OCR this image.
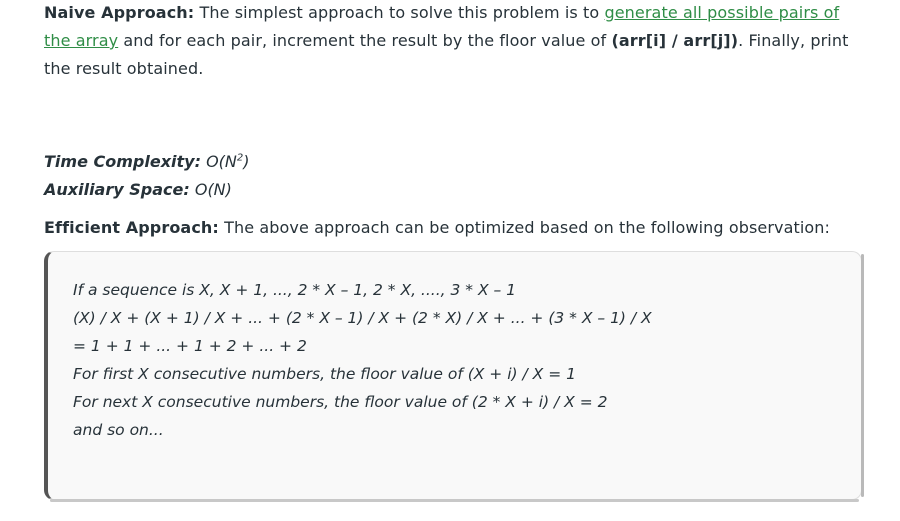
Naive Approach: The simplest approach to solve this problem is to generate all possible pairs of the array and for each pair, increment the result by the floor value of (arr[i] / arr[j]). Finally, print the result obtained.

Time Complexity: $O(N^2)$
Auxiliary Space: O(N)

Efficient Approach: The above approach can be optimized based on the following observation:

If a sequence is X, X + 1, ..., 2 * X – 1, 2 * X, ...., 3 * X – 1
(X) / X + (X + 1) / X + ... + (2 * X – 1) / X + (2 * X) / X + ... + (3 * X – 1) / X
= 1 + 1 + ... + 1 + 2 + ... + 2
For first X consecutive numbers, the floor value of (X + i) / X = 1
For next X consecutive numbers, the floor value of (2 * X + i) / X = 2
and so on...
